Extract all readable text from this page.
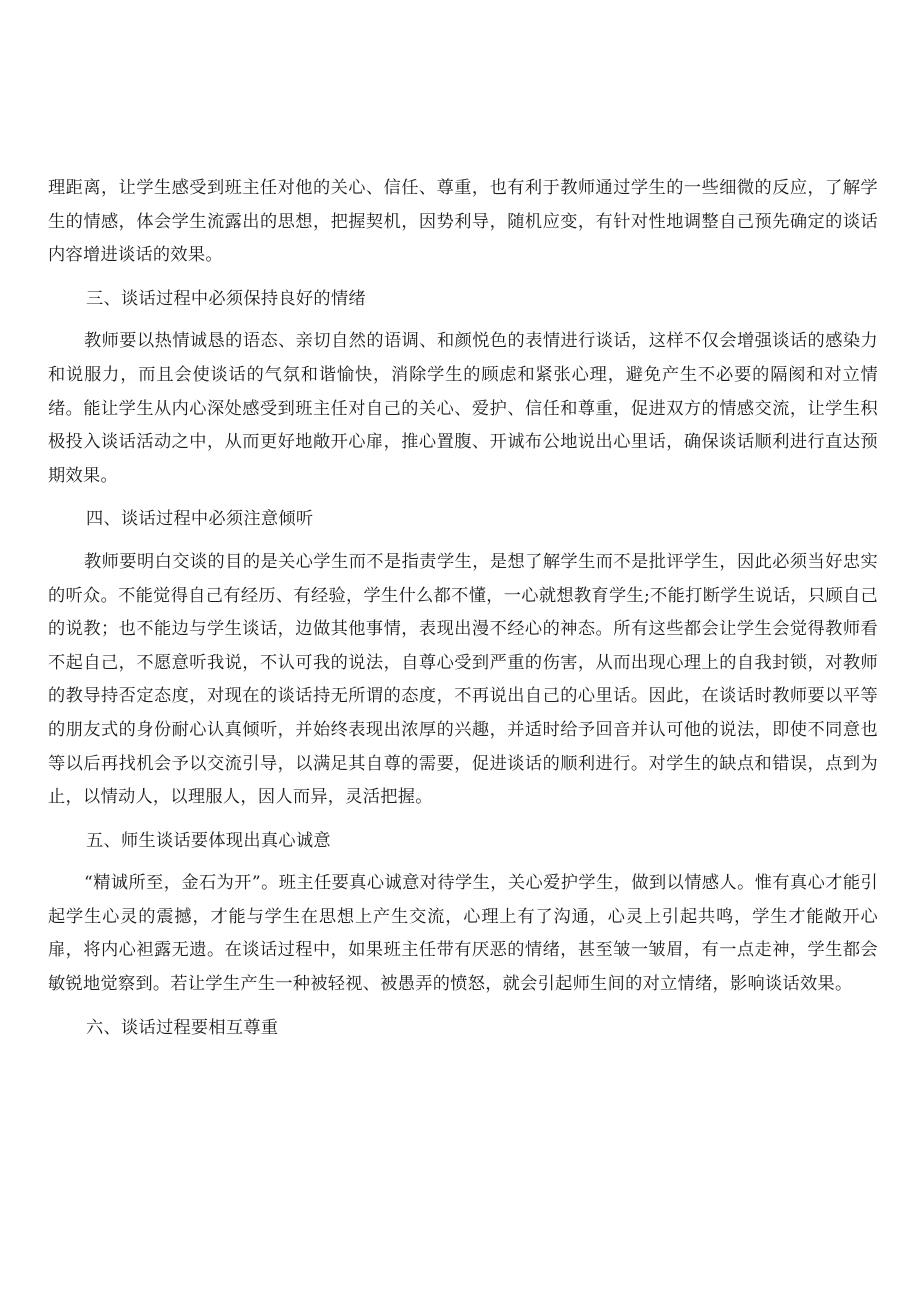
理距离，让学生感受到班主任对他的关心、信任、尊重，也有利于教师通过学生的一些细微的反应，了解学生的情感，体会学生流露出的思想，把握契机，因势利导，随机应变，有针对性地调整自己预先确定的谈话内容增进谈话的效果。

三、谈话过程中必须保持良好的情绪

教师要以热情诚恳的语态、亲切自然的语调、和颜悦色的表情进行谈话，这样不仅会增强谈话的感染力和说服力，而且会使谈话的气氛和谐愉快，消除学生的顾虑和紧张心理，避免产生不必要的隔阂和对立情绪。能让学生从内心深处感受到班主任对自己的关心、爱护、信任和尊重，促进双方的情感交流，让学生积极投入谈话活动之中，从而更好地敞开心扉，推心置腹、开诚布公地说出心里话，确保谈话顺利进行直达预期效果。

四、谈话过程中必须注意倾听

教师要明白交谈的目的是关心学生而不是指责学生，是想了解学生而不是批评学生，因此必须当好忠实的听众。不能觉得自己有经历、有经验，学生什么都不懂，一心就想教育学生;不能打断学生说话，只顾自己的说教；也不能边与学生谈话，边做其他事情，表现出漫不经心的神态。所有这些都会让学生会觉得教师看不起自己，不愿意听我说，不认可我的说法，自尊心受到严重的伤害，从而出现心理上的自我封锁，对教师的教导持否定态度，对现在的谈话持无所谓的态度，不再说出自己的心里话。因此，在谈话时教师要以平等的朋友式的身份耐心认真倾听，并始终表现出浓厚的兴趣，并适时给予回音并认可他的说法，即使不同意也等以后再找机会予以交流引导，以满足其自尊的需要，促进谈话的顺利进行。对学生的缺点和错误，点到为止，以情动人，以理服人，因人而异，灵活把握。

五、师生谈话要体现出真心诚意

“精诚所至，金石为开”。班主任要真心诚意对待学生，关心爱护学生，做到以情感人。惟有真心才能引起学生心灵的震撼，才能与学生在思想上产生交流，心理上有了沟通，心灵上引起共鸣，学生才能敞开心扉，将内心袒露无遗。在谈话过程中，如果班主任带有厌恶的情绪，甚至皱一皱眉，有一点走神，学生都会敏锐地觉察到。若让学生产生一种被轻视、被愚弄的愤怒，就会引起师生间的对立情绪，影响谈话效果。

六、谈话过程要相互尊重
